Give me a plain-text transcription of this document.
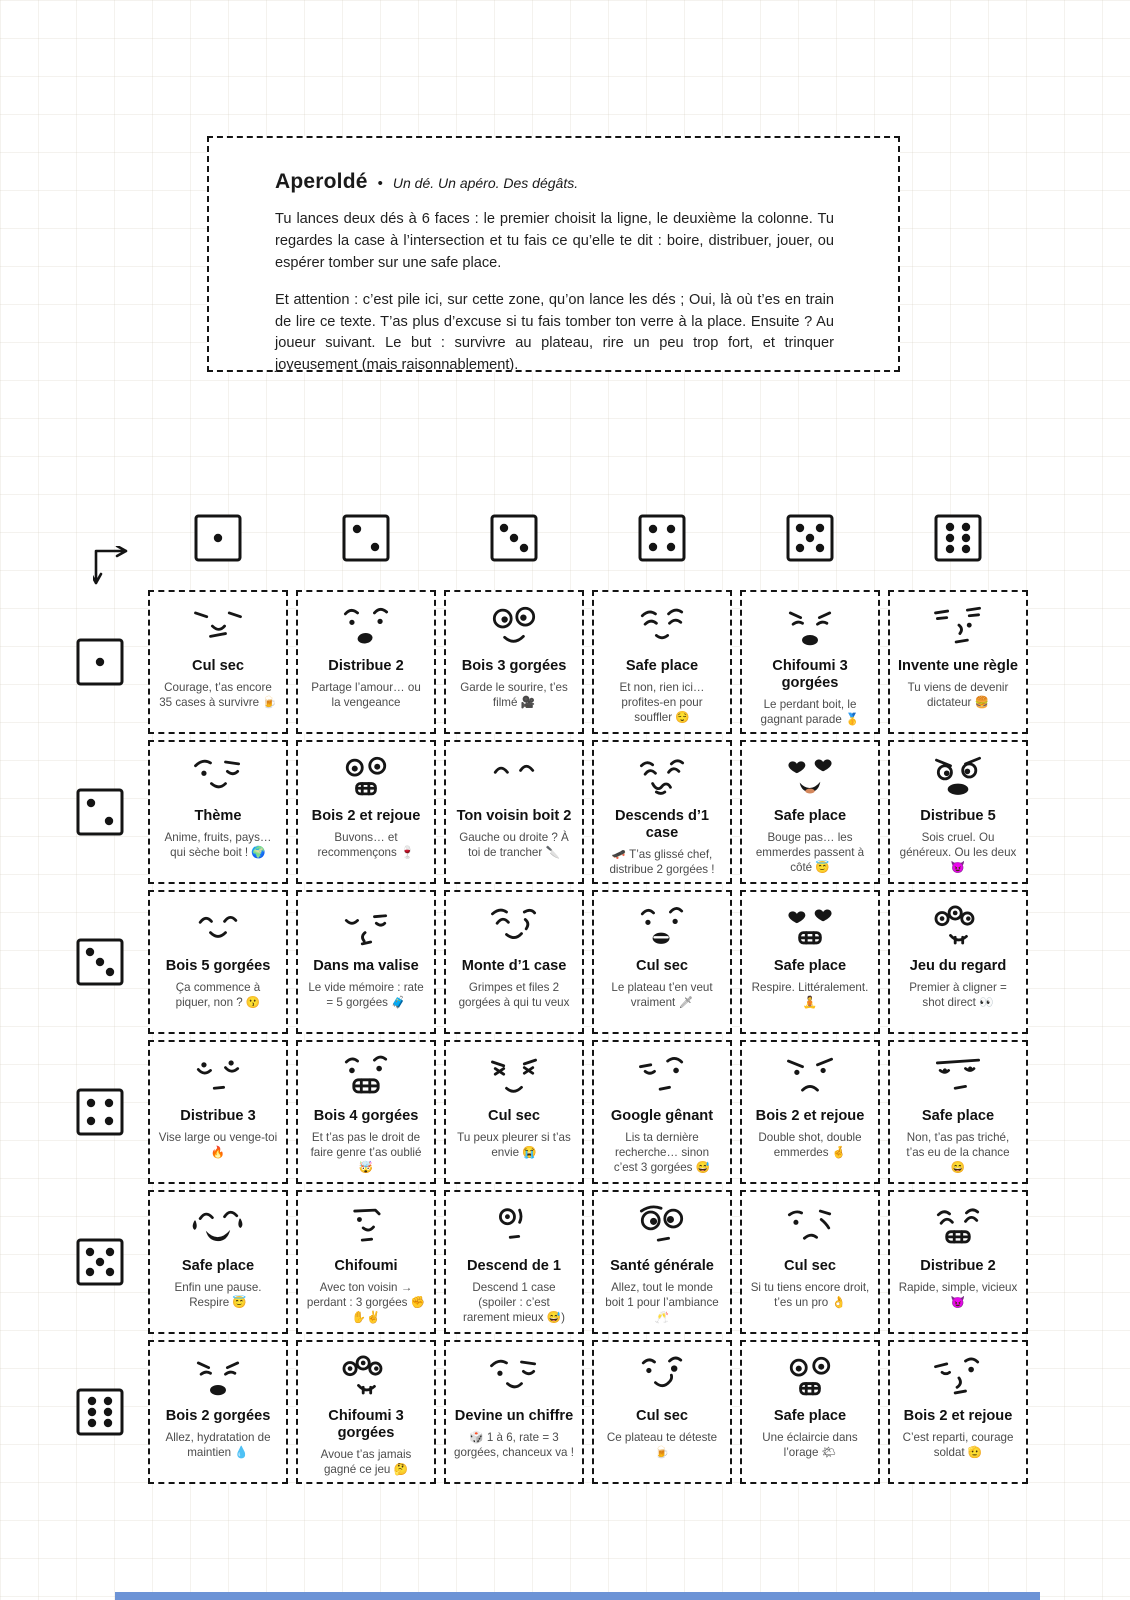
Aperoldé • Un dé. Un apéro. Des dégâts.

Tu lances deux dés à 6 faces : le premier choisit la ligne, le deuxième la colonne. Tu regardes la case à l’intersection et tu fais ce qu’elle te dit : boire, distribuer, jouer, ou espérer tomber sur une safe place.

Et attention : c’est pile ici, sur cette zone, qu’on lance les dés ; Oui, là où t’es en train de lire ce texte. T’as plus d’excuse si tu fais tomber ton verre à la place. Ensuite ? Au joueur suivant. Le but : survivre au plateau, rire un peu trop fort, et trinquer joyeusement (mais raisonnablement).

Cul sec
Courage, t’as encore 35 cases à survivre 🍺
Distribue 2
Partage l’amour… ou la vengeance
Bois 3 gorgées
Garde le sourire, t’es filmé 🎥
Safe place
Et non, rien ici… profites-en pour souffler 😌
Chifoumi 3 gorgées
Le perdant boit, le gagnant parade 🥇
Invente une règle
Tu viens de devenir dictateur 🍔
Thème
Anime, fruits, pays… qui sèche boit ! 🌍
Bois 2 et rejoue
Buvons… et recommençons 🍷
Ton voisin boit 2
Gauche ou droite ? À toi de trancher 🔪
Descends d’1 case
🛹 T’as glissé chef, distribue 2 gorgées !
Safe place
Bouge pas… les emmerdes passent à côté 😇
Distribue 5
Sois cruel. Ou généreux. Ou les deux 😈
Bois 5 gorgées
Ça commence à piquer, non ? 😗
Dans ma valise
Le vide mémoire : rate = 5 gorgées 🧳
Monte d’1 case
Grimpes et files 2 gorgées à qui tu veux
Cul sec
Le plateau t’en veut vraiment 🗡
Safe place
Respire. Littéralement. 🧘
Jeu du regard
Premier à cligner = shot direct 👀
Distribue 3
Vise large ou venge-toi 🔥
Bois 4 gorgées
Et t’as pas le droit de faire genre t’as oublié 🤯
Cul sec
Tu peux pleurer si t’as envie 😭
Google gênant
Lis ta dernière recherche… sinon c’est 3 gorgées 😅
Bois 2 et rejoue
Double shot, double emmerdes 🤞
Safe place
Non, t’as pas triché, t’as eu de la chance 😄
Safe place
Enfin une pause. Respire 😇
Chifoumi
Avec ton voisin → perdant : 3 gorgées ✊✋✌
Descend de 1
Descend 1 case (spoiler : c’est rarement mieux 😅)
Santé générale
Allez, tout le monde boit 1 pour l’ambiance 🥂
Cul sec
Si tu tiens encore droit, t’es un pro 👌
Distribue 2
Rapide, simple, vicieux 😈
Bois 2 gorgées
Allez, hydratation de maintien 💧
Chifoumi 3 gorgées
Avoue t’as jamais gagné ce jeu 🤔
Devine un chiffre
🎲 1 à 6, rate = 3 gorgées, chanceux va !
Cul sec
Ce plateau te déteste 🍺
Safe place
Une éclaircie dans l’orage 🌤
Bois 2 et rejoue
C’est reparti, courage soldat 🫡
